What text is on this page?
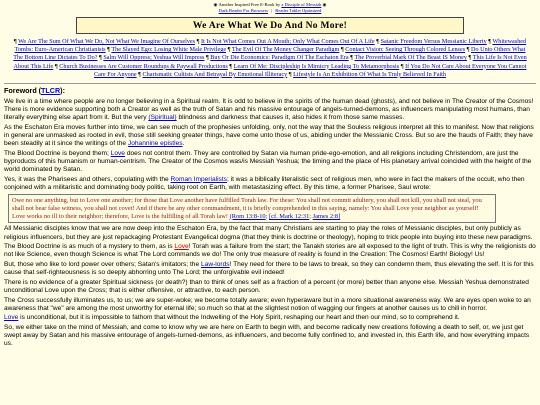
◉ Another Inspired Free E-Book by a Disciple of Messiah ◉
Dark Reader For Browsers | Reader Tablet Optimized
We Are What We Do And No More!
¶ We Are The Sum Of What We Do, Not What We Imagine Of Ourselves ¶ It Is Not What Comes Out A Mouth; Only What Comes Out Of A Life ¶ Satanic Freedom Versus Messianic Liberty ¶ Whitewashed Tombs: Euro-American Christianists ¶ The Slayed Ego: Losing White Male Privilege ¶ The Evil Of The Money Changer Paradigm ¶ Contact Vision: Seeing Through Colored Lenses ¶ Do Unto Others What The Bottom Line Dictates To Do? ¶ Salm Will Oppress; Yeshua Will Impress ¶ Buy Or Die Economics: Paradigm Of The Eschaton Era ¶ The Proverbial Mark Of The Beast IS Money ¶ This Life Is Not Even About This Life ¶ Church Businesses Are Customer Roundups & Paywall Productions ¶ Learn Of Me: Discipleship Is Mimicry Leading To Metamorphosis ¶ If You Do Not Care About Everyone You Cannot Care For Anyone ¶ Charismatic Cultists And Betrayal By Emotional Illiteracy ¶ Lifestyle Is An Exhibition Of What Is Truly Believed In Faith

Foreword (TLCR):

We live in a time where people are no longer believing in a Spiritual realm. It is odd to believe in the spirits of the human dead (ghosts), and not believe in The Creator of the Cosmos! There is more evidence supporting both a Creator as well as the truth of Satan and his massive entourage of angels-turned-demons, as influencers manipulating most humans, than literally everything else apart from it. But the very (Spiritual) blindness and darkness that causes it, also hides it from those same masses.

As the Eschaton Era moves further into time, we can see much of the prophesies unfolding, only, not the way that the Souless religious interpret all this to manifest. Now that religions in general are unmasked as rooted in evil, those still seeking greater things, have come unto those of us, abiding under the Messianic Cross. But so are the frauds of Faith; they have been steadily at it since the writings of the Johannine epistles.

The Blood Doctrine is beyond them; Love does not control them. They are controlled by Satan via human pride-ego-emotion, and all religions including Christendom, are just the byproducts of this humanism or human-centrism. The Creator of the Cosmos was/is Messiah Yeshua; the timing and the place of His planetary arrival coincided with the height of the world dominated by Satan.

Yes, it was the Pharisees and others, copulating with the Roman Imperialists; it was a biblically literalistic sect of religious men, who were in fact the makers of the occult, who then conjoined with a militaristic and dominating body politic, taking root on Earth, with metastasizing effect. By this time, a former Pharisee, Saul wrote:

Owe no one anything, but to Love one another; for those that Love another have fulfilled Torah law. For these: You shall not commit adultery, you shall not kill, you shall not steal, you shall not bear false witness, you shall not covet! And if there be any other commandment, it is briefly comprehended in this saying, namely: You shall Love your neighbor as yourself! Love works no ill to their neighbor; therefore, Love is the fulfilling of all Torah law! (Rom 13:8-10; [cf. Mark 12:31; James 2:8]

All Messianic disciples know that we are now deep into the Eschaton Era, by the fact that many Christians are starting to play the roles of Messianic disciples, but only publicly as religious influencers, but they are just repackaging Protestant Evangelical dogma (that they think is doctrine or theology), hoping to trick people into buying into these new paradigms.

The Blood Doctrine is as much of a mystery to them, as is Love! Torah was a failure from the start; the Tanakh stories are all exposed to the light of truth. This is why the religionists do not like Science, even though Science is what The Lord commands we do! The only true measure of reality is found in the Creation: The Cosmos! Earth! Biology! Us!

But, those who like to lord power over others; Satan's imitators; the Law-lords! They need for there to be laws to break, so they can condemn them, thus elevating the self. It is for this cause that self-righteousness is so deeply abhorring unto The Lord; the unforgivable evil indeed!

There is no evidence of a greater Spiritual sickness (or death?) than to think of ones self as a fraction of a percent (or more) better than anyone else. Messiah Yeshua demonstrated unconditional Love upon the Cross; that is either offensive, or attractive, to each person.

The Cross successfully illuminates us, to us; we are super-woke; we become totally aware; even hyperaware but in a more situational awareness way. We are eyes open woke to an awareness that "we" are among the most unworthy for eternal life; so much so that at the slightest notion of wagging our fingers at another causes us to chill in horror.

Love is unconditional, but it is impossible to fathom that without the Indwelling of the Holy Spirit, reshaping our heart and then our mind, so to comprehend it.

So, we either take on the mind of Messiah, and come to know why we are here on Earth to begin with, and become radically new creations following a death to self, or, we just get swept away by Satan and his massive entourage of angels-turned-demons, as influencers, and become fully confined to, and invested in, this Earth life, and how everything impacts us.
